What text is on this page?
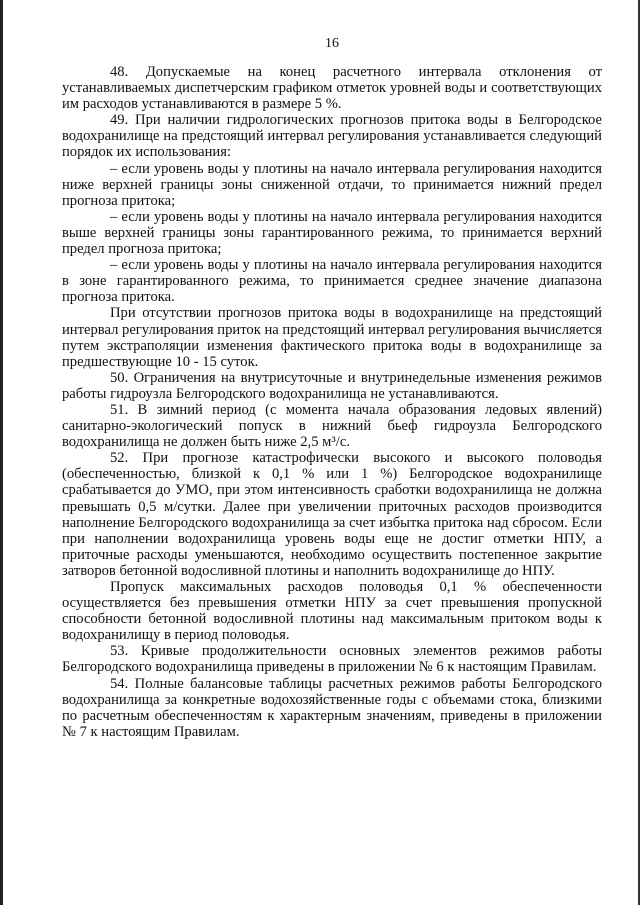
16

48. Допускаемые на конец расчетного интервала отклонения от устанавливаемых диспетчерским графиком отметок уровней воды и соответствующих им расходов устанавливаются в размере 5 %.

49. При наличии гидрологических прогнозов притока воды в Белгородское водохранилище на предстоящий интервал регулирования устанавливается следующий порядок их использования:

– если уровень воды у плотины на начало интервала регулирования находится ниже верхней границы зоны сниженной отдачи, то принимается нижний предел прогноза притока;

– если уровень воды у плотины на начало интервала регулирования находится выше верхней границы зоны гарантированного режима, то принимается верхний предел прогноза притока;

– если уровень воды у плотины на начало интервала регулирования находится в зоне гарантированного режима, то принимается среднее значение диапазона прогноза притока.

При отсутствии прогнозов притока воды в водохранилище на предстоящий интервал регулирования приток на предстоящий интервал регулирования вычисляется путем экстраполяции изменения фактического притока воды в водохранилище за предшествующие 10 - 15 суток.

50. Ограничения на внутрисуточные и внутринедельные изменения режимов работы гидроузла Белгородского водохранилища не устанавливаются.

51. В зимний период (с момента начала образования ледовых явлений) санитарно-экологический попуск в нижний бьеф гидроузла Белгородского водохранилища не должен быть ниже 2,5 м³/с.

52. При прогнозе катастрофически высокого и высокого половодья (обеспеченностью, близкой к 0,1 % или 1 %) Белгородское водохранилище срабатывается до УМО, при этом интенсивность сработки водохранилища не должна превышать 0,5 м/сутки. Далее при увеличении приточных расходов производится наполнение Белгородского водохранилища за счет избытка притока над сбросом. Если при наполнении водохранилища уровень воды еще не достиг отметки НПУ, а приточные расходы уменьшаются, необходимо осуществить постепенное закрытие затворов бетонной водосливной плотины и наполнить водохранилище до НПУ.

Пропуск максимальных расходов половодья 0,1 % обеспеченности осуществляется без превышения отметки НПУ за счет превышения пропускной способности бетонной водосливной плотины над максимальным притоком воды к водохранилищу в период половодья.

53. Кривые продолжительности основных элементов режимов работы Белгородского водохранилища приведены в приложении № 6 к настоящим Правилам.

54. Полные балансовые таблицы расчетных режимов работы Белгородского водохранилища за конкретные водохозяйственные годы с объемами стока, близкими по расчетным обеспеченностям к характерным значениям, приведены в приложении № 7 к настоящим Правилам.
